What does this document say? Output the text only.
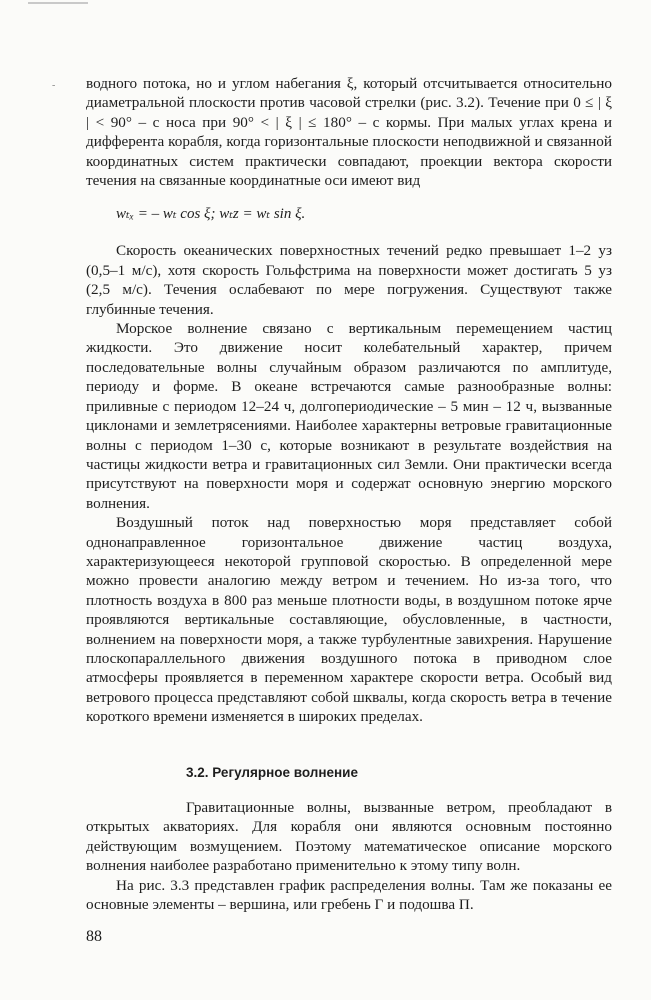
- водного потока, но и углом набегания ξ, который отсчитывается относительно диаметральной плоскости против часовой стрелки (рис. 3.2). Течение при 0 ≤ | ξ | < 90° – с носа при 90° < | ξ | ≤ 180° – с кормы. При малых углах крена и дифферента корабля, когда горизонтальные плоскости неподвижной и связанной координатных систем практически совпадают, проекции вектора скорости течения на связанные координатные оси имеют вид

wₜₓ = – wₜ cos ξ; wₜz = wₜ sin ξ.

Скорость океанических поверхностных течений редко превышает 1–2 уз (0,5–1 м/с), хотя скорость Гольфстрима на поверхности может достигать 5 уз (2,5 м/с). Течения ослабевают по мере погружения. Существуют также глубинные течения.

Морское волнение связано с вертикальным перемещением частиц жидкости. Это движение носит колебательный характер, причем последовательные волны случайным образом различаются по амплитуде, периоду и форме. В океане встречаются самые разнообразные волны: приливные с периодом 12–24 ч, долгопериодические – 5 мин – 12 ч, вызванные циклонами и землетрясениями. Наиболее характерны ветровые гравитационные волны с периодом 1–30 с, которые возникают в результате воздействия на частицы жидкости ветра и гравитационных сил Земли. Они практически всегда присутствуют на поверхности моря и содержат основную энергию морского волнения.

Воздушный поток над поверхностью моря представляет собой однонаправленное горизонтальное движение частиц воздуха, характеризующееся некоторой групповой скоростью. В определенной мере можно провести аналогию между ветром и течением. Но из-за того, что плотность воздуха в 800 раз меньше плотности воды, в воздушном потоке ярче проявляются вертикальные составляющие, обусловленные, в частности, волнением на поверхности моря, а также турбулентные завихрения. Нарушение плоскопараллельного движения воздушного потока в приводном слое атмосферы проявляется в переменном характере скорости ветра. Особый вид ветрового процесса представляют собой шквалы, когда скорость ветра в течение короткого времени изменяется в широких пределах.

3.2. Регулярное волнение

Гравитационные волны, вызванные ветром, преобладают в открытых акваториях. Для корабля они являются основным постоянно действующим возмущением. Поэтому математическое описание морского волнения наиболее разработано применительно к этому типу волн.

На рис. 3.3 представлен график распределения волны. Там же показаны ее основные элементы – вершина, или гребень Г и подошва П.

88
